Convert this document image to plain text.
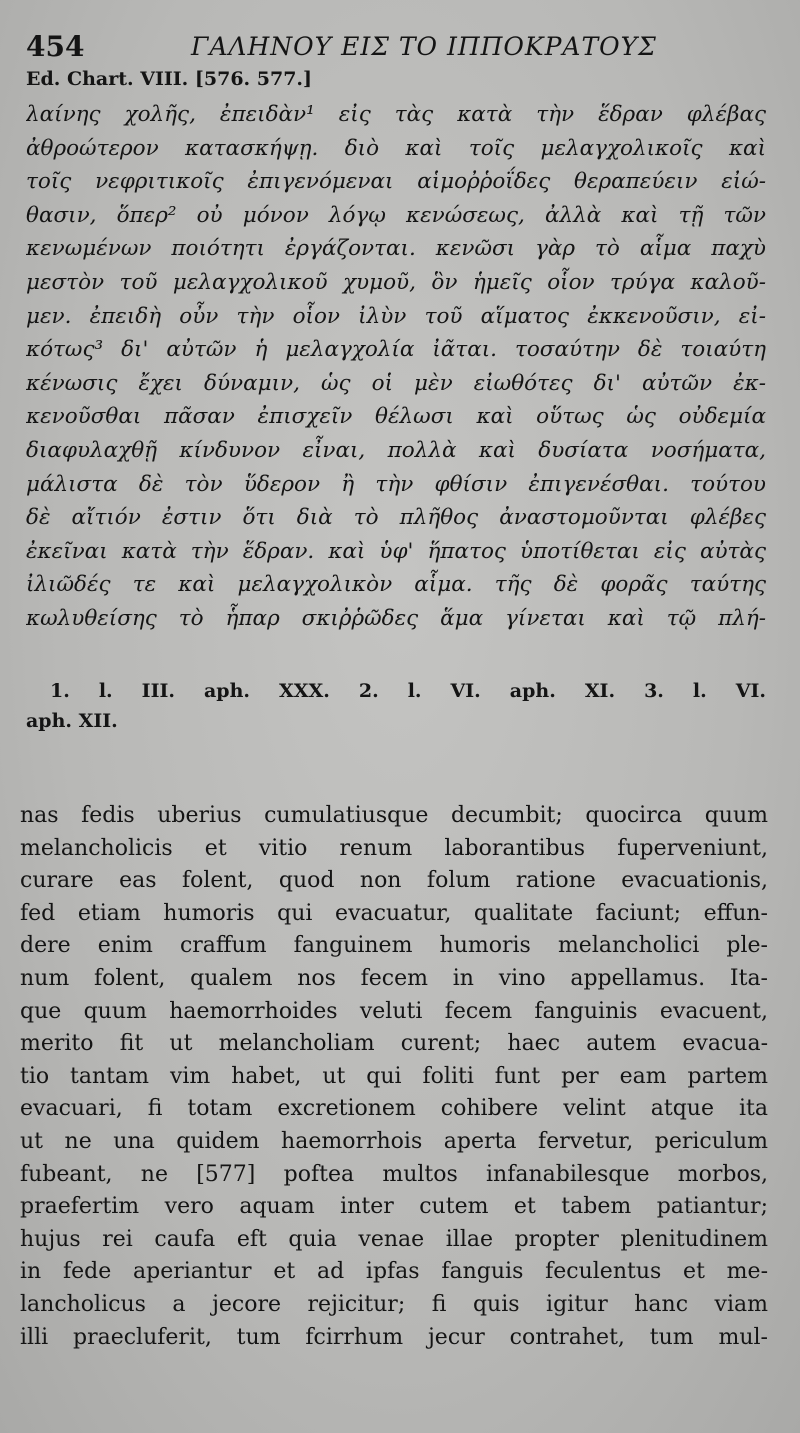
454	ΓΑΛΗΝΟΥ ΕΙΣ ΤΟ ΙΠΠΟΚΡΑΤΟΥΣ
Ed. Chart. VIII. [576. 577.]
λαίνης χολῆς, ἐπειδὰν¹ εἰς τὰς κατὰ τὴν ἕδραν φλέβας
ἀθροώτερον κατασκήψῃ. διὸ καὶ τοῖς μελαγχολικοῖς καὶ
τοῖς νεφριτικοῖς ἐπιγενόμεναι αἱμοῤῥοΐδες θεραπεύειν εἰώ-
θασιν, ὅπερ² οὐ μόνον λόγῳ κενώσεως, ἀλλὰ καὶ τῇ τῶν
κενωμένων ποιότητι ἐργάζονται. κενῶσι γὰρ τὸ αἷμα παχὺ
μεστὸν τοῦ μελαγχολικοῦ χυμοῦ, ὃν ἡμεῖς οἷον τρύγα καλοῦ-
μεν. ἐπειδὴ οὖν τὴν οἷον ἰλὺν τοῦ αἵματος ἐκκενοῦσιν, εἰ-
κότως³ δι' αὐτῶν ἡ μελαγχολία ἰᾶται. τοσαύτην δὲ τοιαύτη
κένωσις ἔχει δύναμιν, ὡς οἱ μὲν εἰωθότες δι' αὐτῶν ἐκ-
κενοῦσθαι πᾶσαν ἐπισχεῖν θέλωσι καὶ οὕτως ὡς οὐδεμία
διαφυλαχθῇ κίνδυνον εἶναι, πολλὰ καὶ δυσίατα νοσήματα,
μάλιστα δὲ τὸν ὕδερον ἢ τὴν φθίσιν ἐπιγενέσθαι. τούτου
δὲ αἴτιόν ἐστιν ὅτι διὰ τὸ πλῆθος ἀναστομοῦνται φλέβες
ἐκεῖναι κατὰ τὴν ἕδραν. καὶ ὑφ' ἥπατος ὑποτίθεται εἰς αὐτὰς
ἰλιῶδές τε καὶ μελαγχολικὸν αἷμα. τῆς δὲ φορᾶς ταύτης
κωλυθείσης τὸ ἧπαρ σκιῤῥῶδες ἅμα γίνεται καὶ τῷ πλή-
1. l. III. aph. XXX. 2. l. VI. aph. XI. 3. l. VI.
aph. XII.
nas fedis uberius cumulatiusque decumbit; quocirca quum
melancholicis et vitio renum laborantibus fuperveniunt,
curare eas folent, quod non folum ratione evacuationis,
fed etiam humoris qui evacuatur, qualitate faciunt; effun-
dere enim craffum fanguinem humoris melancholici ple-
num folent, qualem nos fecem in vino appellamus. Ita-
que quum haemorrhoides veluti fecem fanguinis evacuent,
merito fit ut melancholiam curent; haec autem evacua-
tio tantam vim habet, ut qui foliti funt per eam partem
evacuari, fi totam excretionem cohibere velint atque ita
ut ne una quidem haemorrhois aperta fervetur, periculum
fubeant, ne [577] poftea multos infanabilesque morbos,
praefertim vero aquam inter cutem et tabem patiantur;
hujus rei caufa eft quia venae illae propter plenitudinem
in fede aperiantur et ad ipfas fanguis feculentus et me-
lancholicus a jecore rejicitur; fi quis igitur hanc viam
illi praecluferit, tum fcirrhum jecur contrahet, tum mul-
